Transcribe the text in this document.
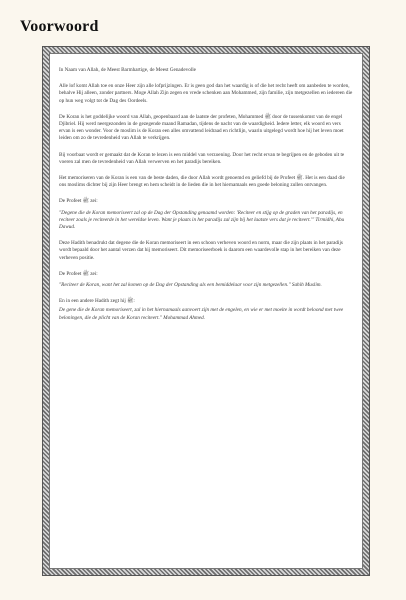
Voorwoord

In Naam van Allah, de Meest Barmhartige, de Meest Genadevolle

Alle lof komt Allah toe en onze Heer zijn alle lofprijzingen. Er is geen god dan het waardig is of die het recht heeft om aanbeden te worden, behalve Hij alleen, zonder partners. Moge Allah Zijn zegen en vrede schenken aan Mohammed, zijn familie, zijn metgezellen en iedereen die op hun weg volgt tot de Dag des Oordeels.

De Koran is het goddelijke woord van Allah, geopenbaard aan de laatste der profeten, Mohammed ﷺ door de tussenkomst van de engel Djibriel. Hij werd neergezonden in de gezegende maand Ramadan, tijdens de nacht van de waardigheid. Iedere letter, elk woord en vers ervan is een wonder. Voor de moslim is de Koran een alles omvattend leidraad en richtlijn, waarin uitgelegd wordt hoe hij het leven moet leiden om zo de tevredenheid van Allah te verkrijgen.

Bij voorbaat wordt er gemaakt dat de Koran te lezen is een middel van verzoening. Door het recht ervan te begrijpen en de geboden uit te voeren zal men de tevredenheid van Allah verwerven en het paradijs bereiken.

Het memoriseren van de Koran is een van de beste daden, die door Allah wordt genoemd en geliefd bij de Profeet ﷺ. Het is een daad die ons moslims dichter bij zijn Heer brengt en hem scheidt in de lieden die in het hiernamaals een goede beloning zullen ontvangen.

De Profeet ﷺ zei:

"Degene die de Koran memoriseert zal op de Dag der Opstanding genaamd worden: 'Reciteer en stijg op de graden van het paradijs, en reciteer zoals je reciteerde in het wereldse leven. Want je plaats in het paradijs zal zijn bij het laatste vers dat je reciteert.'" Tirmidhi, Abu Dawud.

Deze Hadith benadrukt dat degene die de Koran memoriseert in een schoon verheven woord en norm, maar die zijn plaats in het paradijs wordt bepaald door het aantal verzen dat hij memoriseert. Dit memoriseerboek is daarom een waardevolle stap in het bereiken van deze verheven positie.

De Profeet ﷺ zei:

"Reciteer de Koran, want het zal komen op de Dag der Opstanding als een bemiddelaar voor zijn metgezellen." Sahih Muslim.

En in een andere Hadith zegt hij ﷺ:

De gene die de Koran memoriseert, zal in het hiernamaals aanvoert zijn met de engelen, en wie er met moeite in wordt beloond met twee beloningen, die de plicht van de Koran reciteert." Mohammad Ahmed.
